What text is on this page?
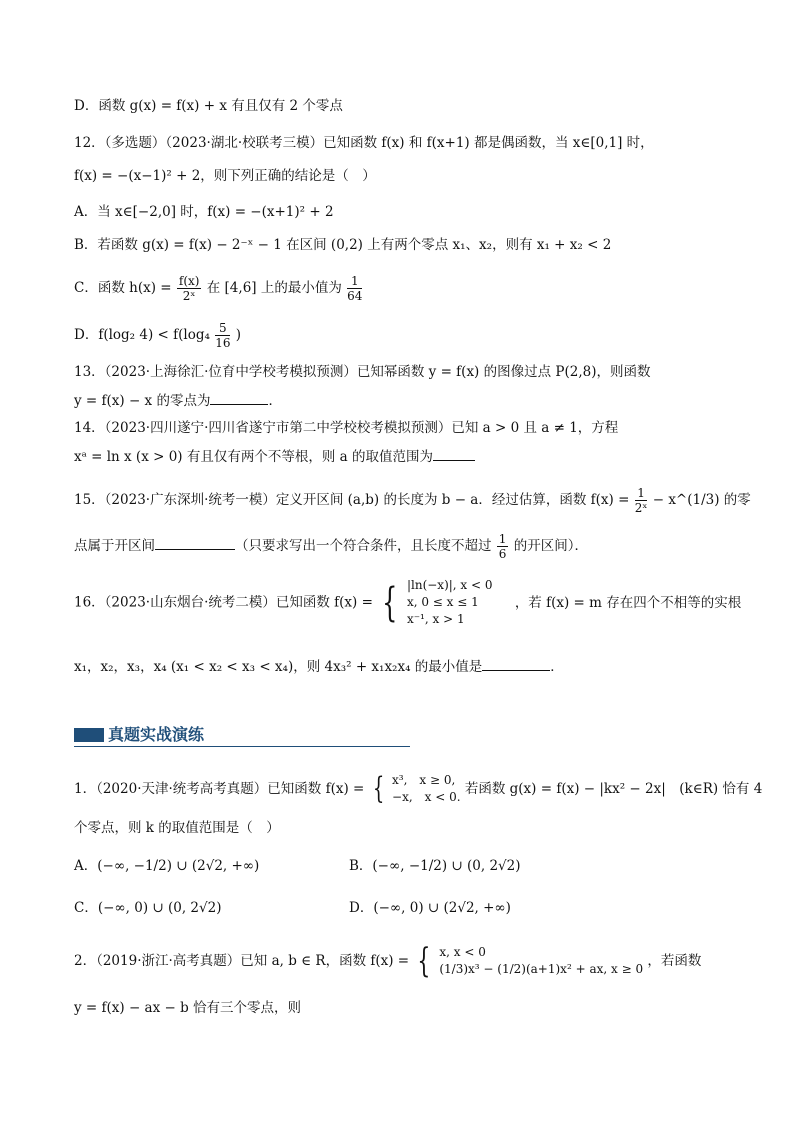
D．函数 g(x) = f(x) + x 有且仅有 2 个零点
12．（多选题）（2023·湖北·校联考三模）已知函数 f(x) 和 f(x+1) 都是偶函数，当 x∈[0,1] 时，
f(x) = −(x−1)² + 2，则下列正确的结论是（　）
A．当 x∈[−2,0] 时，f(x) = −(x+1)² + 2
B．若函数 g(x) = f(x) − 2⁻ˣ − 1 在区间 (0,2) 上有两个零点 x₁、x₂，则有 x₁ + x₂ < 2
C．函数 $h(x) = \frac{f(x)}{\text{2ˣ}}$ 在 [4,6] 上的最小值为 $\frac{1}{64}$
D．f(log₂ $4) < f(\log_4 \frac{5}{16}$ )
13．（2023·上海徐汇·位育中学校考模拟预测）已知幂函数 y = f(x) 的图像过点 P(2,8)，则函数
y = f(x) − x 的零点为	．
14．（2023·四川遂宁·四川省遂宁市第二中学校校考模拟预测）已知 a > 0 且 a ≠ 1，方程
xᵃ = ln x (x > 0) 有且仅有两个不等根，则 a 的取值范围为
15．（2023·广东深圳·统考一模）定义开区间 (a,b) 的长度为 b − a．经过估算，函数 $f(x) = \frac{1}{\text{2ˣ}}$ − x^(1/3) 的零
点属于开区间	（只要求写出一个符合条件，且长度不超过 $\frac{1}{6}$ 的开区间）．
16．（2023·山东烟台·统考二模）已知函数 f(x) = { |ln(−x)|, x < 0
x, 0 ≤ x ≤ 1
x⁻¹, x > 1
，若 f(x) = m 存在四个不相等的实根
x₁，x₂，x₃，x₄ (x₁ < x₂ < x₃ < x₄)，则 4x₃² + x₁x₂x₄ 的最小值是	．
真题实战演练
1．（2020·天津·统考高考真题）已知函数 f(x) = { x³,　x ≥ 0,
−x,　x < 0. 若函数 g(x) = f(x) − |kx² − 2x|　(k∈R) 恰有 4
个零点，则 k 的取值范围是（　）
A．(−∞, −1/2) ∪ (2√2, +∞)	B．(−∞, −1/2) ∪ (0, 2√2)
C．(−∞, 0) ∪ (0, 2√2)	D．(−∞, 0) ∪ (2√2, +∞)
2．（2019·浙江·高考真题）已知 a, b ∈ R，函数 f(x) = { x, x < 0
(1/3)x³ − (1/2)(a+1)x² + ax, x ≥ 0 ，若函数
y = f(x) − ax − b 恰有三个零点，则
